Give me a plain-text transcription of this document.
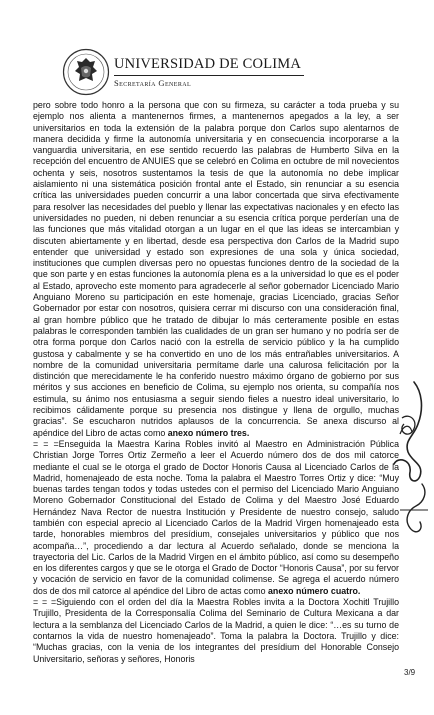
UNIVERSIDAD DE COLIMA
Secretaría General

pero sobre todo honro a la persona que con su firmeza, su carácter a toda prueba y su ejemplo nos alienta a mantenernos firmes, a mantenernos apegados a la ley, a ser universitarios en toda la extensión de la palabra porque don Carlos supo alentarnos de manera decidida y firme la autonomía universitaria y en consecuencia incorporarse a la vanguardia universitaria, en ese sentido recuerdo las palabras de Humberto Silva en la recepción del encuentro de ANUIES que se celebró en Colima en octubre de mil novecientos ochenta y seis, nosotros sustentamos la tesis de que la autonomía no debe implicar aislamiento ni una sistemática posición frontal ante el Estado, sin renunciar a su esencia crítica las universidades pueden concurrir a una labor concertada que sirva efectivamente para resolver las necesidades del pueblo y llenar las expectativas nacionales y en efecto las universidades no pueden, ni deben renunciar a su esencia crítica porque perderían una de las funciones que más vitalidad otorgan a un lugar en el que las ideas se intercambian y discuten abiertamente y en libertad, desde esa perspectiva don Carlos de la Madrid supo entender que universidad y estado son expresiones de una sola y única sociedad, instituciones que cumplen diversas pero no opuestas funciones dentro de la sociedad de la que son parte y en estas funciones la autonomía plena es a la universidad lo que es el poder al Estado, aprovecho este momento para agradecerle al señor gobernador Licenciado Mario Anguiano Moreno su participación en este homenaje, gracias Licenciado, gracias Señor Gobernador por estar con nosotros, quisiera cerrar mi discurso con una consideración final, al gran hombre público que he tratado de dibujar lo más certeramente posible en estas palabras le corresponden también las cualidades de un gran ser humano y no podría ser de otra forma porque don Carlos nació con la estrella de servicio público y la ha cumplido gustosa y cabalmente y se ha convertido en uno de los más entrañables universitarios. A nombre de la comunidad universitaria permítame darle una calurosa felicitación por la distinción que merecidamente le ha conferido nuestro máximo órgano de gobierno por sus méritos y sus acciones en beneficio de Colima, su ejemplo nos orienta, su compañía nos estimula, su ánimo nos entusiasma a seguir siendo fieles a nuestro ideal universitario, lo recibimos cálidamente porque su presencia nos distingue y llena de orgullo, muchas gracias”. Se escucharon nutridos aplausos de la concurrencia. Se anexa discurso al apéndice del Libro de actas como anexo número tres.

= = =Enseguida la Maestra Karina Robles invitó al Maestro en Administración Pública Christian Jorge Torres Ortiz Zermeño a leer el Acuerdo número dos de dos mil catorce mediante el cual se le otorga el grado de Doctor Honoris Causa al Licenciado Carlos de la Madrid, homenajeado de esta noche. Toma la palabra el Maestro Torres Ortiz y dice: “Muy buenas tardes tengan todos y todas ustedes con el permiso del Licenciado Mario Anguiano Moreno Gobernador Constitucional del Estado de Colima y del Maestro José Eduardo Hernández Nava Rector de nuestra Institución y Presidente de nuestro consejo, saludo también con especial aprecio al Licenciado Carlos de la Madrid Virgen homenajeado esta tarde, honorables miembros del presídium, consejales universitarios y público que nos acompaña…”, procediendo a dar lectura al Acuerdo señalado, donde se menciona la trayectoria del Lic. Carlos de la Madrid Virgen en el ámbito público, así como su desempeño en los diferentes cargos y que se le otorga el Grado de Doctor “Honoris Causa”, por su fervor y vocación de servicio en favor de la comunidad colimense. Se agrega el acuerdo número dos de dos mil catorce al apéndice del Libro de actas como anexo número cuatro.

= = =Siguiendo con el orden del día la Maestra Robles invita a la Doctora Xochitl Trujillo Trujillo, Presidenta de la Corresponsalía Colima del Seminario de Cultura Mexicana a dar lectura a la semblanza del Licenciado Carlos de la Madrid, a quien le dice: “…es su turno de contarnos la vida de nuestro homenajeado”. Toma la palabra la Doctora. Trujillo y dice: “Muchas gracias, con la venia de los integrantes del presídium del Honorable Consejo Universitario, señoras y señores, Honoris

3/9
